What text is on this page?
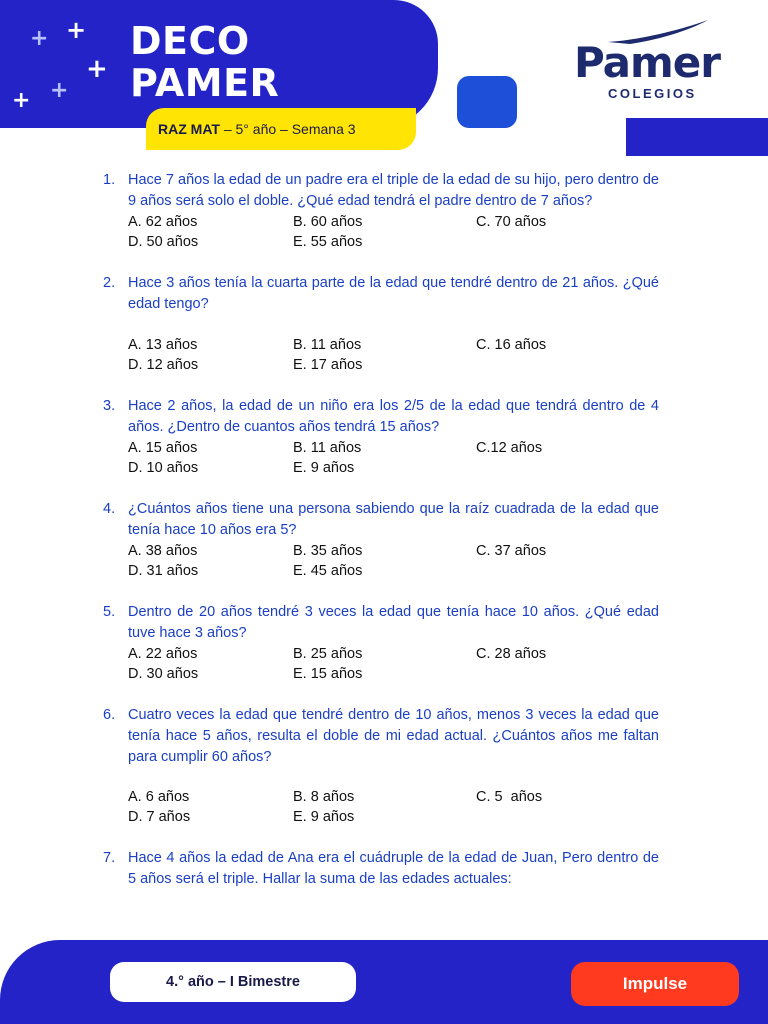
+ +
+
+
+
DECO
PAMER
RAZ MAT – 5° año – Semana 3
Pamer
COLEGIOS
1. Hace 7 años la edad de un padre era el triple de la edad de su hijo, pero dentro de 9 años será solo el doble. ¿Qué edad tendrá el padre dentro de 7 años?
A. 62 años	B. 60 años	C. 70 años
D. 50 años	E. 55 años
2. Hace 3 años tenía la cuarta parte de la edad que tendré dentro de 21 años. ¿Qué edad tengo?
A. 13 años	B. 11 años	C. 16 años
D. 12 años	E. 17 años
3. Hace 2 años, la edad de un niño era los 2/5 de la edad que tendrá dentro de 4 años. ¿Dentro de cuantos años tendrá 15 años?
A. 15 años	B. 11 años	C.12 años
D. 10 años	E. 9 años
4. ¿Cuántos años tiene una persona sabiendo que la raíz cuadrada de la edad que tenía hace 10 años era 5?
A. 38 años	B. 35 años	C. 37 años
D. 31 años	E. 45 años
5. Dentro de 20 años tendré 3 veces la edad que tenía hace 10 años. ¿Qué edad tuve hace 3 años?
A. 22 años	B. 25 años	C. 28 años
D. 30 años	E. 15 años
6. Cuatro veces la edad que tendré dentro de 10 años, menos 3 veces la edad que tenía hace 5 años, resulta el doble de mi edad actual. ¿Cuántos años me faltan para cumplir 60 años?
A. 6 años	B. 8 años	C. 5  años
D. 7 años	E. 9 años
7. Hace 4 años la edad de Ana era el cuádruple de la edad de Juan, Pero dentro de 5 años será el triple. Hallar la suma de las edades actuales:
4.° año – I Bimestre	Impulse
